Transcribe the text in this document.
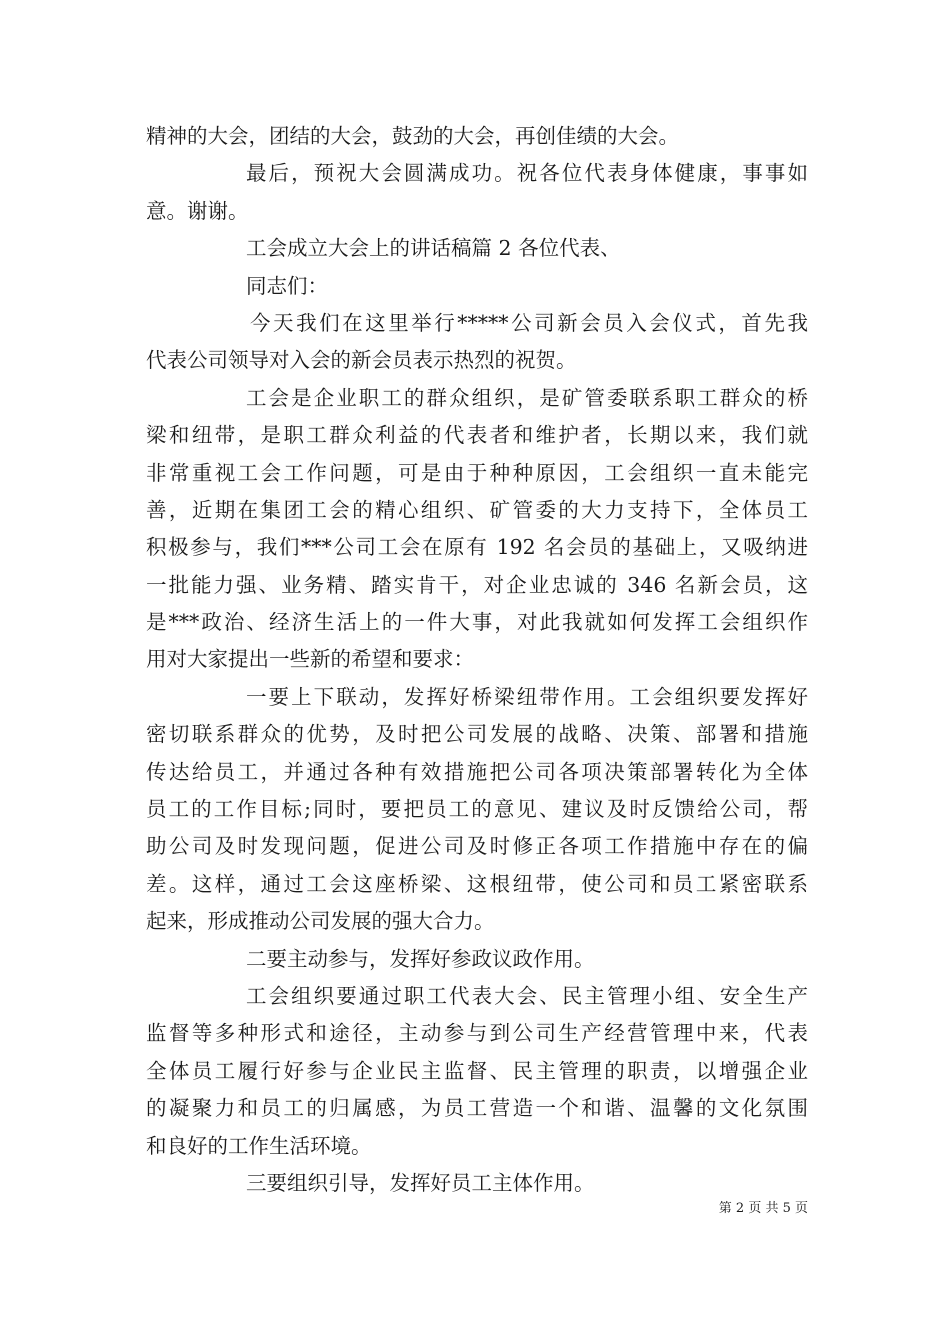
精神的大会，团结的大会，鼓劲的大会，再创佳绩的大会。
最后，预祝大会圆满成功。祝各位代表身体健康，事事如
意。谢谢。
工会成立大会上的讲话稿篇 2 各位代表、
同志们：
今天我们在这里举行*****公司新会员入会仪式，首先我
代表公司领导对入会的新会员表示热烈的祝贺。
工会是企业职工的群众组织，是矿管委联系职工群众的桥
梁和纽带，是职工群众利益的代表者和维护者，长期以来，我们就
非常重视工会工作问题，可是由于种种原因，工会组织一直未能完
善，近期在集团工会的精心组织、矿管委的大力支持下，全体员工
积极参与，我们***公司工会在原有 192 名会员的基础上，又吸纳进
一批能力强、业务精、踏实肯干，对企业忠诚的 346 名新会员，这
是***政治、经济生活上的一件大事，对此我就如何发挥工会组织作
用对大家提出一些新的希望和要求：
一要上下联动，发挥好桥梁纽带作用。工会组织要发挥好
密切联系群众的优势，及时把公司发展的战略、决策、部署和措施
传达给员工，并通过各种有效措施把公司各项决策部署转化为全体
员工的工作目标;同时，要把员工的意见、建议及时反馈给公司，帮
助公司及时发现问题，促进公司及时修正各项工作措施中存在的偏
差。这样，通过工会这座桥梁、这根纽带，使公司和员工紧密联系
起来，形成推动公司发展的强大合力。
二要主动参与，发挥好参政议政作用。
工会组织要通过职工代表大会、民主管理小组、安全生产
监督等多种形式和途径，主动参与到公司生产经营管理中来，代表
全体员工履行好参与企业民主监督、民主管理的职责，以增强企业
的凝聚力和员工的归属感，为员工营造一个和谐、温馨的文化氛围
和良好的工作生活环境。
三要组织引导，发挥好员工主体作用。
第 2 页 共 5 页
